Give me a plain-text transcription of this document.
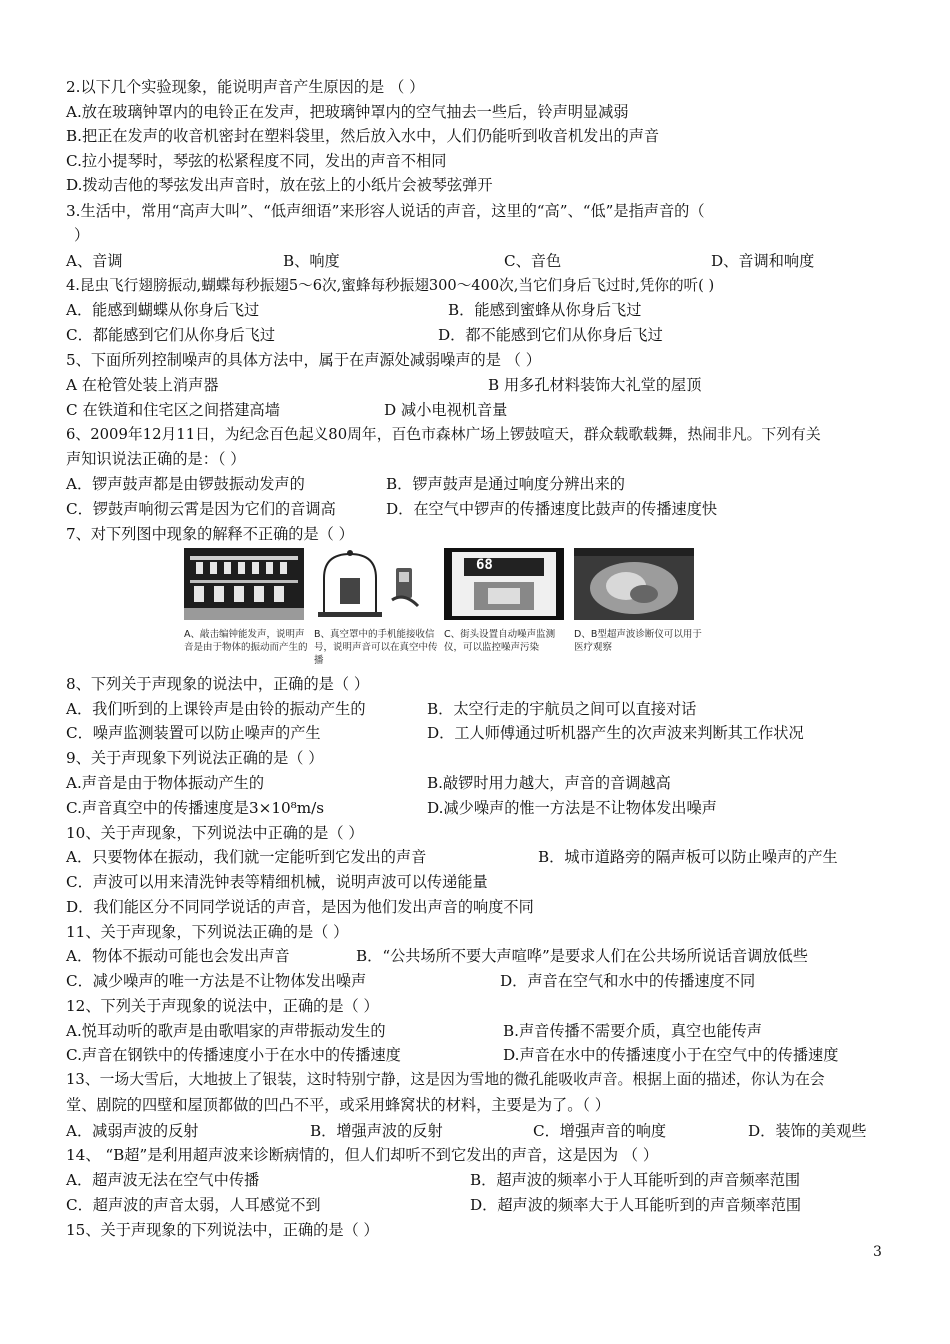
2.以下几个实验现象，能说明声音产生原因的是 （ ）
A.放在玻璃钟罩内的电铃正在发声，把玻璃钟罩内的空气抽去一些后，铃声明显减弱
B.把正在发声的收音机密封在塑料袋里，然后放入水中，人们仍能听到收音机发出的声音
C.拉小提琴时，琴弦的松紧程度不同，发出的声音不相同
D.拨动吉他的琴弦发出声音时，放在弦上的小纸片会被琴弦弹开
3.生活中，常用“高声大叫”、“低声细语”来形容人说话的声音，这里的“高”、“低”是指声音的（
）
A、音调	B、响度	C、音色	D、音调和响度
4.昆虫飞行翅膀振动,蝴蝶每秒振翅5～6次,蜜蜂每秒振翅300～400次,当它们身后飞过时,凭你的听( )
A．能感到蝴蝶从你身后飞过	B．能感到蜜蜂从你身后飞过
C．都能感到它们从你身后飞过	D．都不能感到它们从你身后飞过
5、下面所列控制噪声的具体方法中，属于在声源处减弱噪声的是 （ ）
A 在枪管处装上消声器	B 用多孔材料装饰大礼堂的屋顶
C 在铁道和住宅区之间搭建高墙	D 减小电视机音量
6、2009年12月11日，为纪念百色起义80周年，百色市森林广场上锣鼓喧天，群众载歌载舞，热闹非凡。下列有关
声知识说法正确的是：（ ）
A．锣声鼓声都是由锣鼓振动发声的	B．锣声鼓声是通过响度分辨出来的
C．锣鼓声响彻云霄是因为它们的音调高	D．在空气中锣声的传播速度比鼓声的传播速度快
7、对下列图中现象的解释不正确的是（ ）
68
A、敲击编钟能发声，说明声音是由于物体的振动而产生的
B、真空罩中的手机能接收信号，说明声音可以在真空中传播
C、街头设置自动噪声监测仪，可以监控噪声污染
D、B型超声波诊断仪可以用于医疗观察
8、下列关于声现象的说法中，正确的是（ ）
A．我们听到的上课铃声是由铃的振动产生的	B．太空行走的宇航员之间可以直接对话
C．噪声监测装置可以防止噪声的产生	D．工人师傅通过听机器产生的次声波来判断其工作状况
9、关于声现象下列说法正确的是（ ）
A.声音是由于物体振动产生的	B.敲锣时用力越大，声音的音调越高
C.声音真空中的传播速度是3×10⁸m/s	D.减少噪声的惟一方法是不让物体发出噪声
10、关于声现象，下列说法中正确的是（ ）
A．只要物体在振动，我们就一定能听到它发出的声音	B．城市道路旁的隔声板可以防止噪声的产生
C．声波可以用来清洗钟表等精细机械，说明声波可以传递能量
D．我们能区分不同同学说话的声音，是因为他们发出声音的响度不同
11、关于声现象，下列说法正确的是（ ）
A．物体不振动可能也会发出声音	B．“公共场所不要大声喧哗”是要求人们在公共场所说话音调放低些
C．减少噪声的唯一方法是不让物体发出噪声	D．声音在空气和水中的传播速度不同
12、下列关于声现象的说法中，正确的是（ ）
A.悦耳动听的歌声是由歌唱家的声带振动发生的	B.声音传播不需要介质，真空也能传声
C.声音在钢铁中的传播速度小于在水中的传播速度	D.声音在水中的传播速度小于在空气中的传播速度
13、一场大雪后，大地披上了银装，这时特别宁静，这是因为雪地的微孔能吸收声音。根据上面的描述，你认为在会
堂、剧院的四壁和屋顶都做的凹凸不平，或采用蜂窝状的材料，主要是为了。（ ）
A．减弱声波的反射	B．增强声波的反射	C．增强声音的响度	D．装饰的美观些
14、 “B超”是利用超声波来诊断病情的，但人们却听不到它发出的声音，这是因为 （ ）
A．超声波无法在空气中传播	B．超声波的频率小于人耳能听到的声音频率范围
C．超声波的声音太弱，人耳感觉不到	D．超声波的频率大于人耳能听到的声音频率范围
15、关于声现象的下列说法中，正确的是（ ）
3
